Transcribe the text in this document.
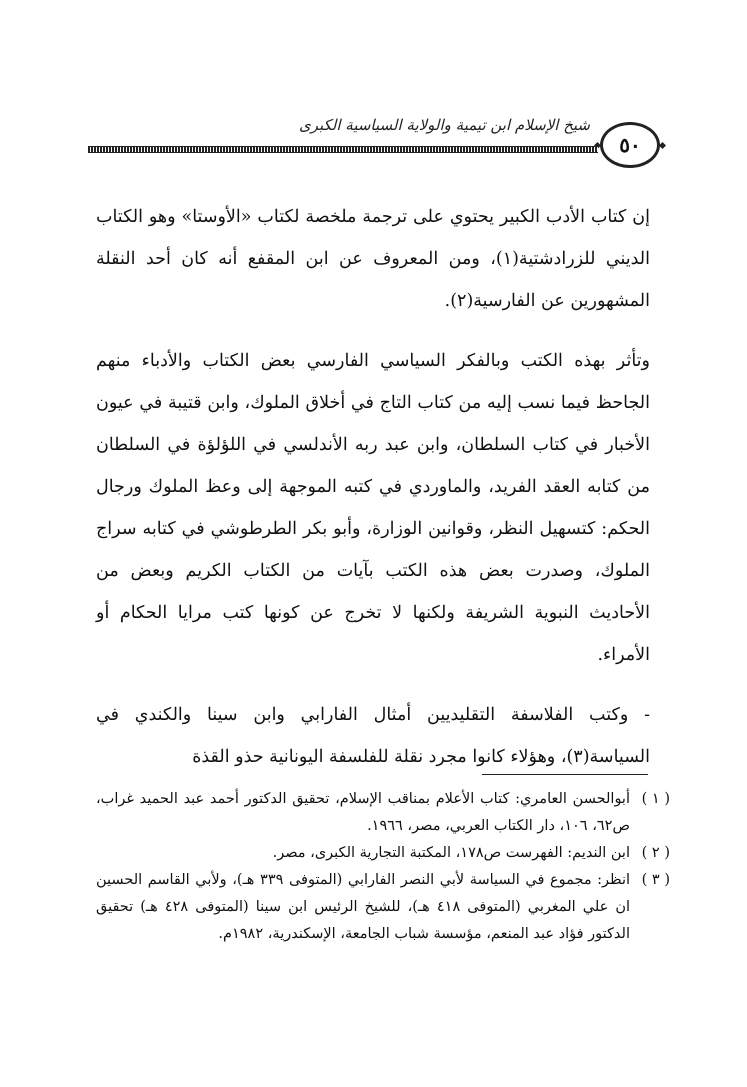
شيخ الإسلام ابن تيمية والولاية السياسية الكبرى
٥٠

إن كتاب الأدب الكبير يحتوي على ترجمة ملخصة لكتاب «الأوستا» وهو الكتاب الديني للزرادشتية(١)، ومن المعروف عن ابن المقفع أنه كان أحد النقلة المشهورين عن الفارسية(٢).

وتأثر بهذه الكتب وبالفكر السياسي الفارسي بعض الكتاب والأدباء منهم الجاحظ فيما نسب إليه من كتاب التاج في أخلاق الملوك، وابن قتيبة في عيون الأخبار في كتاب السلطان، وابن عبد ربه الأندلسي في اللؤلؤة في السلطان من كتابه العقد الفريد، والماوردي في كتبه الموجهة إلى وعظ الملوك ورجال الحكم: كتسهيل النظر، وقوانين الوزارة، وأبو بكر الطرطوشي في كتابه سراج الملوك، وصدرت بعض هذه الكتب بآيات من الكتاب الكريم وبعض من الأحاديث النبوية الشريفة ولكنها لا تخرج عن كونها كتب مرايا الحكام أو الأمراء.

- وكتب الفلاسفة التقليديين أمثال الفارابي وابن سينا والكندي في السياسة(٣)، وهؤلاء كانوا مجرد نقلة للفلسفة اليونانية حذو القذة

( ١ )
أبوالحسن العامري: كتاب الأعلام بمناقب الإسلام، تحقيق الدكتور أحمد عبد الحميد غراب، ص٦٢، ١٠٦، دار الكتاب العربي، مصر، ١٩٦٦.
( ٢ )
ابن النديم: الفهرست ص١٧٨، المكتبة التجارية الكبرى، مصر.
( ٣ )
انظر: مجموع في السياسة لأبي النصر الفارابي (المتوفى ٣٣٩ هـ)، ولأبي القاسم الحسين ان علي المغربي (المتوفى ٤١٨ هـ)، للشيخ الرئيس ابن سينا (المتوفى ٤٢٨ هـ) تحقيق الدكتور فؤاد عبد المنعم، مؤسسة شباب الجامعة، الإسكندرية، ١٩٨٢م.
